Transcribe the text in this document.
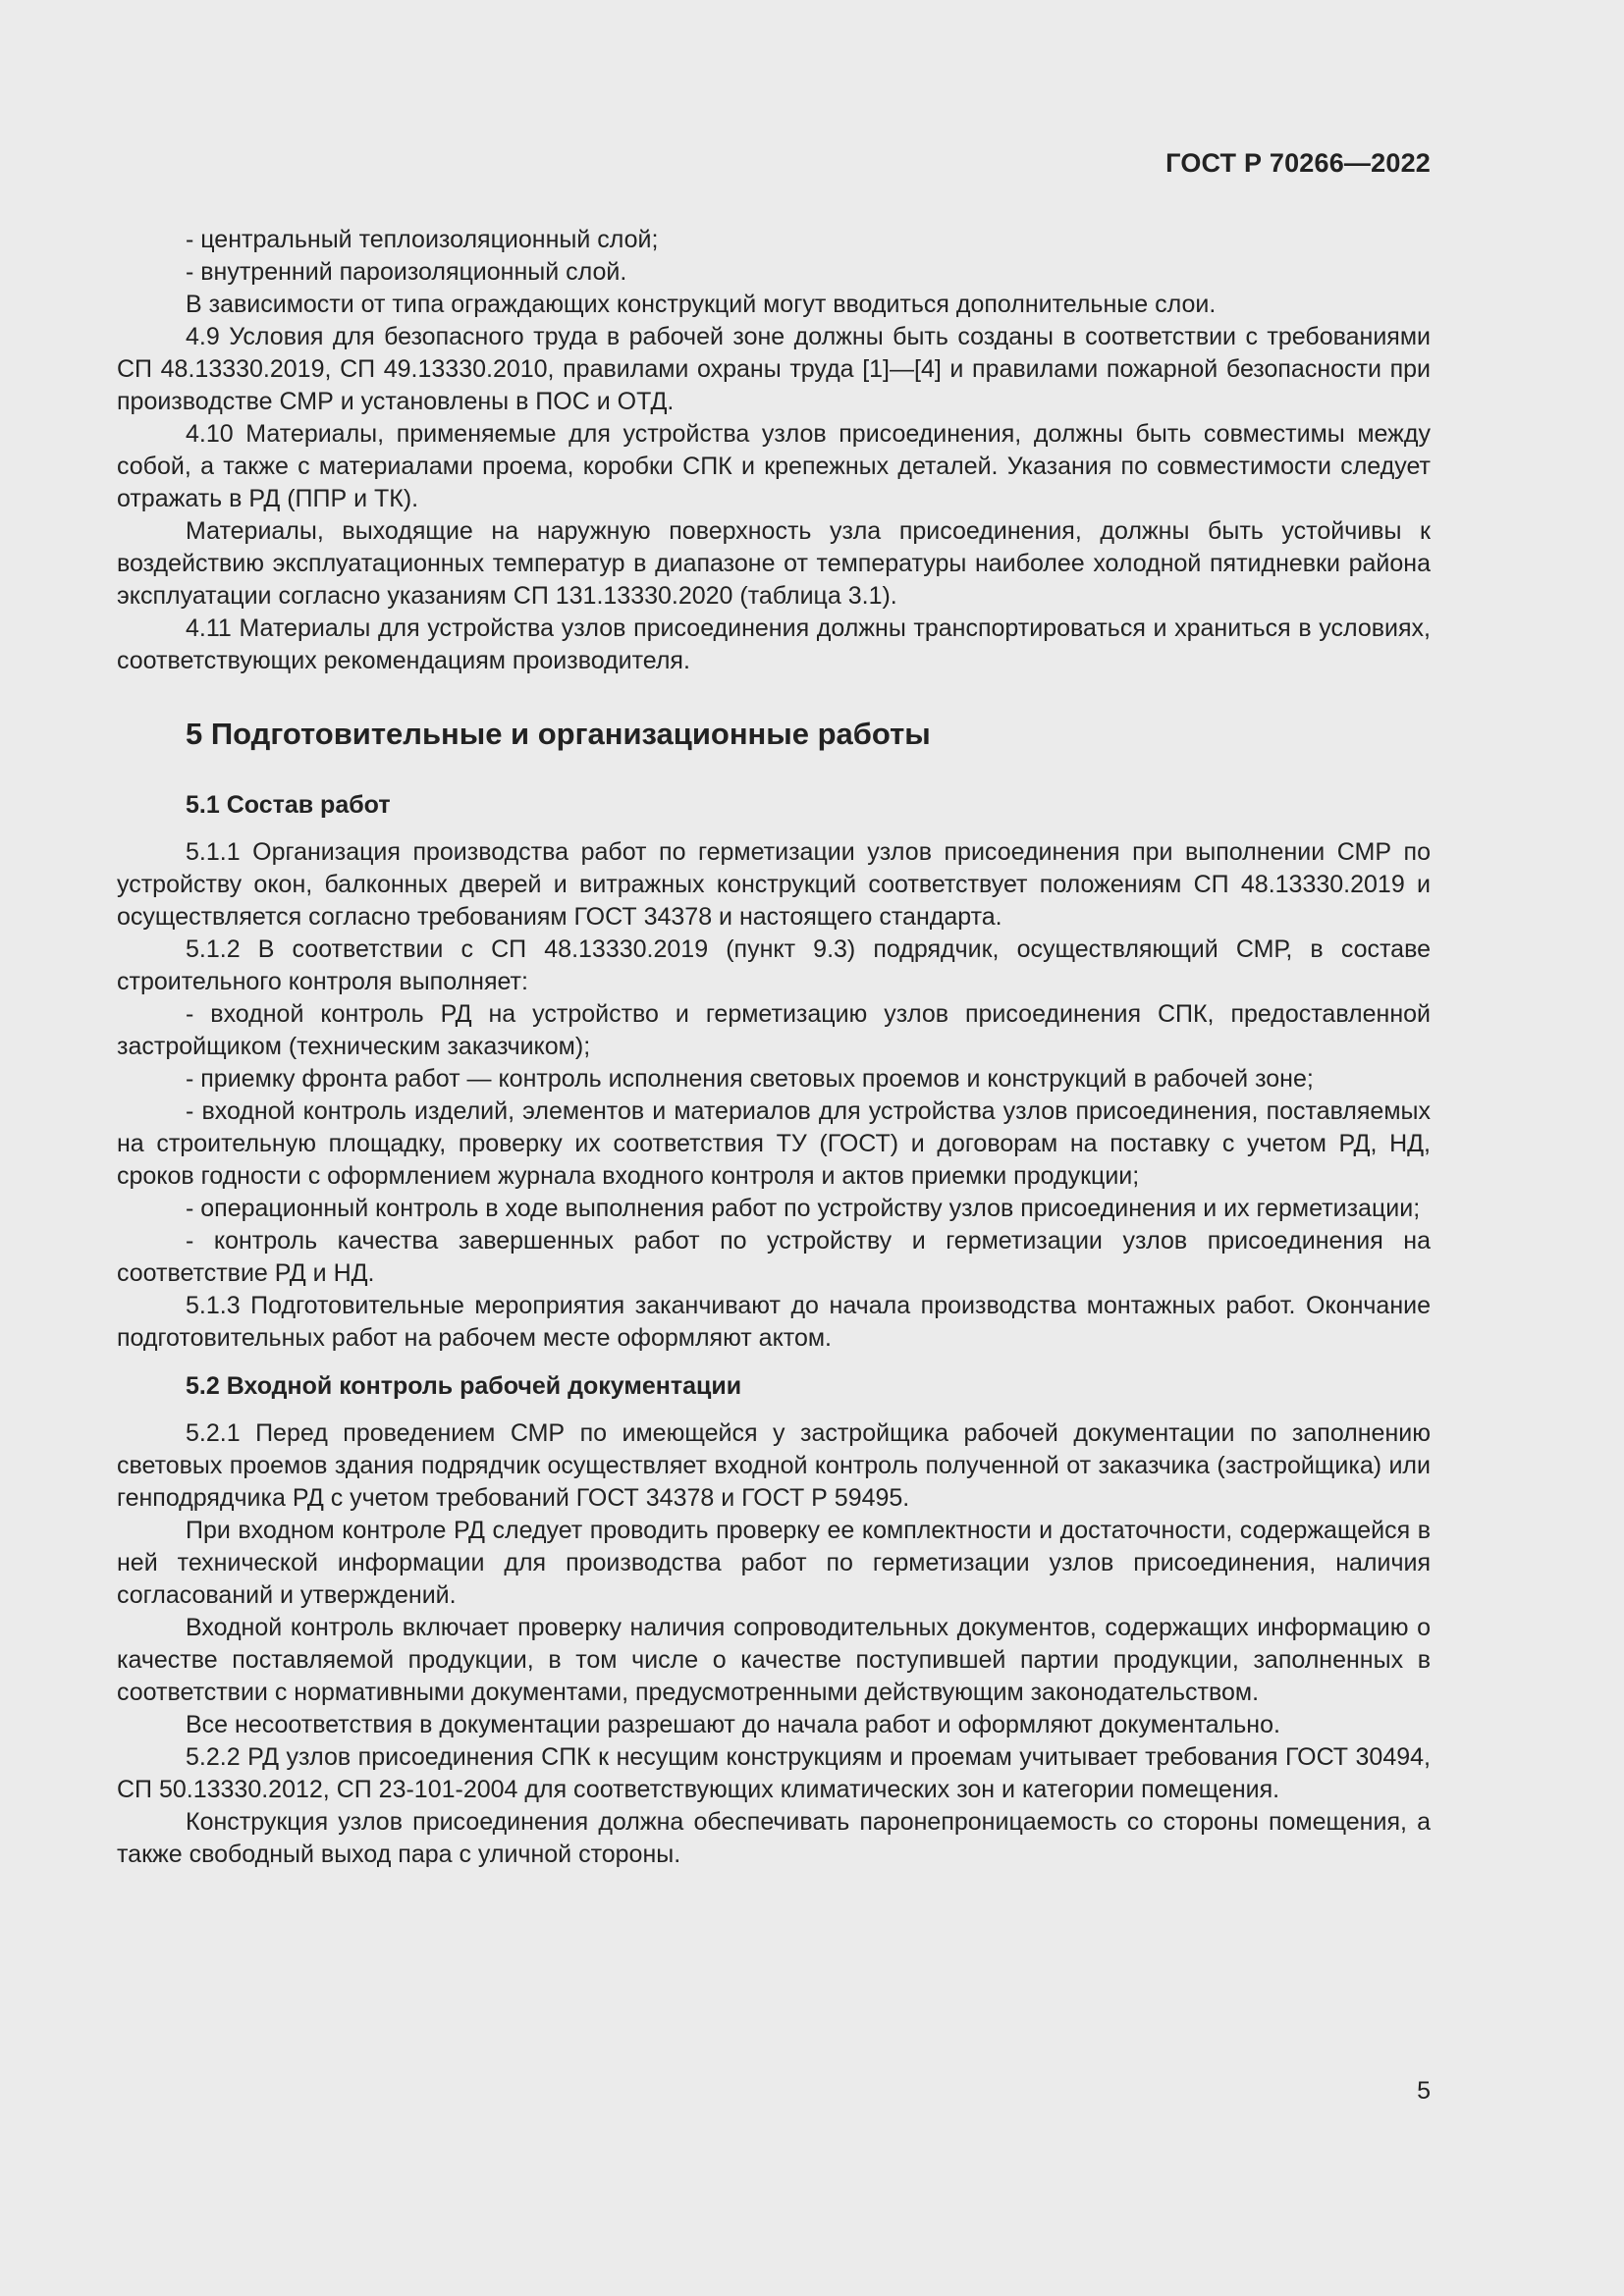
ГОСТ Р 70266—2022

- центральный теплоизоляционный слой;

- внутренний пароизоляционный слой.

В зависимости от типа ограждающих конструкций могут вводиться дополнительные слои.

4.9 Условия для безопасного труда в рабочей зоне должны быть созданы в соответствии с требованиями СП 48.13330.2019, СП 49.13330.2010, правилами охраны труда [1]—[4] и правилами пожарной безопасности при производстве СМР и установлены в ПОС и ОТД.

4.10 Материалы, применяемые для устройства узлов присоединения, должны быть совместимы между собой, а также с материалами проема, коробки СПК и крепежных деталей. Указания по совместимости следует отражать в РД (ППР и ТК).

Материалы, выходящие на наружную поверхность узла присоединения, должны быть устойчивы к воздействию эксплуатационных температур в диапазоне от температуры наиболее холодной пятидневки района эксплуатации согласно указаниям СП 131.13330.2020 (таблица 3.1).

4.11 Материалы для устройства узлов присоединения должны транспортироваться и храниться в условиях, соответствующих рекомендациям производителя.

5 Подготовительные и организационные работы
5.1 Состав работ

5.1.1 Организация производства работ по герметизации узлов присоединения при выполнении СМР по устройству окон, балконных дверей и витражных конструкций соответствует положениям СП 48.13330.2019 и осуществляется согласно требованиям ГОСТ 34378 и настоящего стандарта.

5.1.2 В соответствии с СП 48.13330.2019 (пункт 9.3) подрядчик, осуществляющий СМР, в составе строительного контроля выполняет:

- входной контроль РД на устройство и герметизацию узлов присоединения СПК, предоставленной застройщиком (техническим заказчиком);

- приемку фронта работ — контроль исполнения световых проемов и конструкций в рабочей зоне;

- входной контроль изделий, элементов и материалов для устройства узлов присоединения, поставляемых на строительную площадку, проверку их соответствия ТУ (ГОСТ) и договорам на поставку с учетом РД, НД, сроков годности с оформлением журнала входного контроля и актов приемки продукции;

- операционный контроль в ходе выполнения работ по устройству узлов присоединения и их герметизации;

- контроль качества завершенных работ по устройству и герметизации узлов присоединения на соответствие РД и НД.

5.1.3 Подготовительные мероприятия заканчивают до начала производства монтажных работ. Окончание подготовительных работ на рабочем месте оформляют актом.

5.2 Входной контроль рабочей документации

5.2.1 Перед проведением СМР по имеющейся у застройщика рабочей документации по заполнению световых проемов здания подрядчик осуществляет входной контроль полученной от заказчика (застройщика) или генподрядчика РД с учетом требований ГОСТ 34378 и ГОСТ Р 59495.

При входном контроле РД следует проводить проверку ее комплектности и достаточности, содержащейся в ней технической информации для производства работ по герметизации узлов присоединения, наличия согласований и утверждений.

Входной контроль включает проверку наличия сопроводительных документов, содержащих информацию о качестве поставляемой продукции, в том числе о качестве поступившей партии продукции, заполненных в соответствии с нормативными документами, предусмотренными действующим законодательством.

Все несоответствия в документации разрешают до начала работ и оформляют документально.

5.2.2 РД узлов присоединения СПК к несущим конструкциям и проемам учитывает требования ГОСТ 30494, СП 50.13330.2012, СП 23-101-2004 для соответствующих климатических зон и категории помещения.

Конструкция узлов присоединения должна обеспечивать паронепроницаемость со стороны помещения, а также свободный выход пара с уличной стороны.

5
